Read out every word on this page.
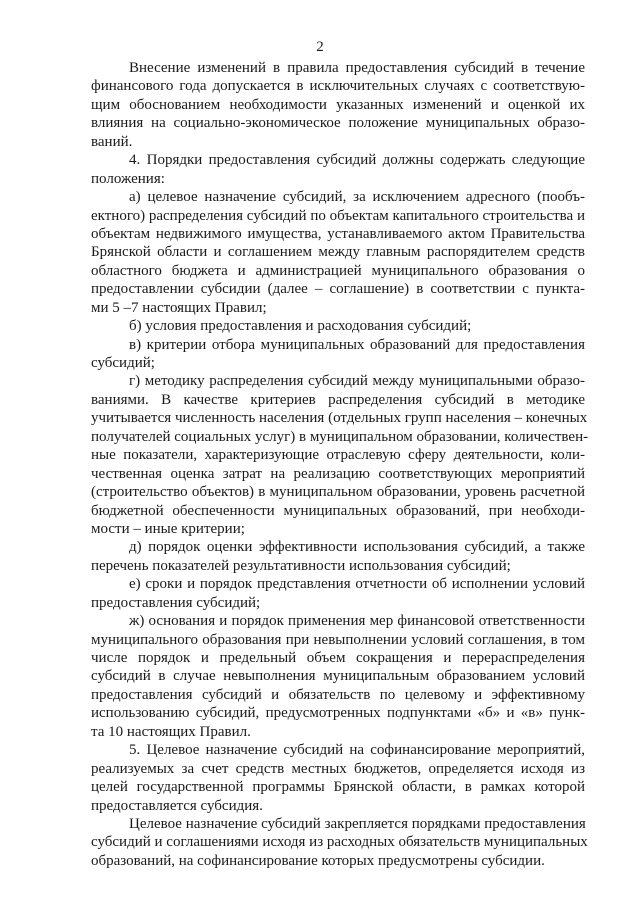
2
Внесение изменений в правила предоставления субсидий в течение
финансового года допускается в исключительных случаях с соответствую-
щим обоснованием необходимости указанных изменений и оценкой их
влияния на социально-экономическое положение муниципальных образо-
ваний.
4. Порядки предоставления субсидий должны содержать следующие
положения:
а) целевое назначение субсидий, за исключением адресного (пообъ-
ектного) распределения субсидий по объектам капитального строительства и
объектам недвижимого имущества, устанавливаемого актом Правительства
Брянской области и соглашением между главным распорядителем средств
областного бюджета и администрацией муниципального образования о
предоставлении субсидии (далее – соглашение) в соответствии с пункта-
ми 5 –7 настоящих Правил;
б) условия предоставления и расходования субсидий;
в) критерии отбора муниципальных образований для предоставления
субсидий;
г) методику распределения субсидий между муниципальными образо-
ваниями. В качестве критериев распределения субсидий в методике
учитывается численность населения (отдельных групп населения – конечных
получателей социальных услуг) в муниципальном образовании, количествен-
ные показатели, характеризующие отраслевую сферу деятельности, коли-
чественная оценка затрат на реализацию соответствующих мероприятий
(строительство объектов) в муниципальном образовании, уровень расчетной
бюджетной обеспеченности муниципальных образований, при необходи-
мости – иные критерии;
д) порядок оценки эффективности использования субсидий, а также
перечень показателей результативности использования субсидий;
е) сроки и порядок представления отчетности об исполнении условий
предоставления субсидий;
ж) основания и порядок применения мер финансовой ответственности
муниципального образования при невыполнении условий соглашения, в том
числе порядок и предельный объем сокращения и перераспределения
субсидий в случае невыполнения муниципальным образованием условий
предоставления субсидий и обязательств по целевому и эффективному
использованию субсидий, предусмотренных подпунктами «б» и «в» пунк-
та 10 настоящих Правил.
5. Целевое назначение субсидий на софинансирование мероприятий,
реализуемых за счет средств местных бюджетов, определяется исходя из
целей государственной программы Брянской области, в рамках которой
предоставляется субсидия.
Целевое назначение субсидий закрепляется порядками предоставления
субсидий и соглашениями исходя из расходных обязательств муниципальных
образований, на софинансирование которых предусмотрены субсидии.
